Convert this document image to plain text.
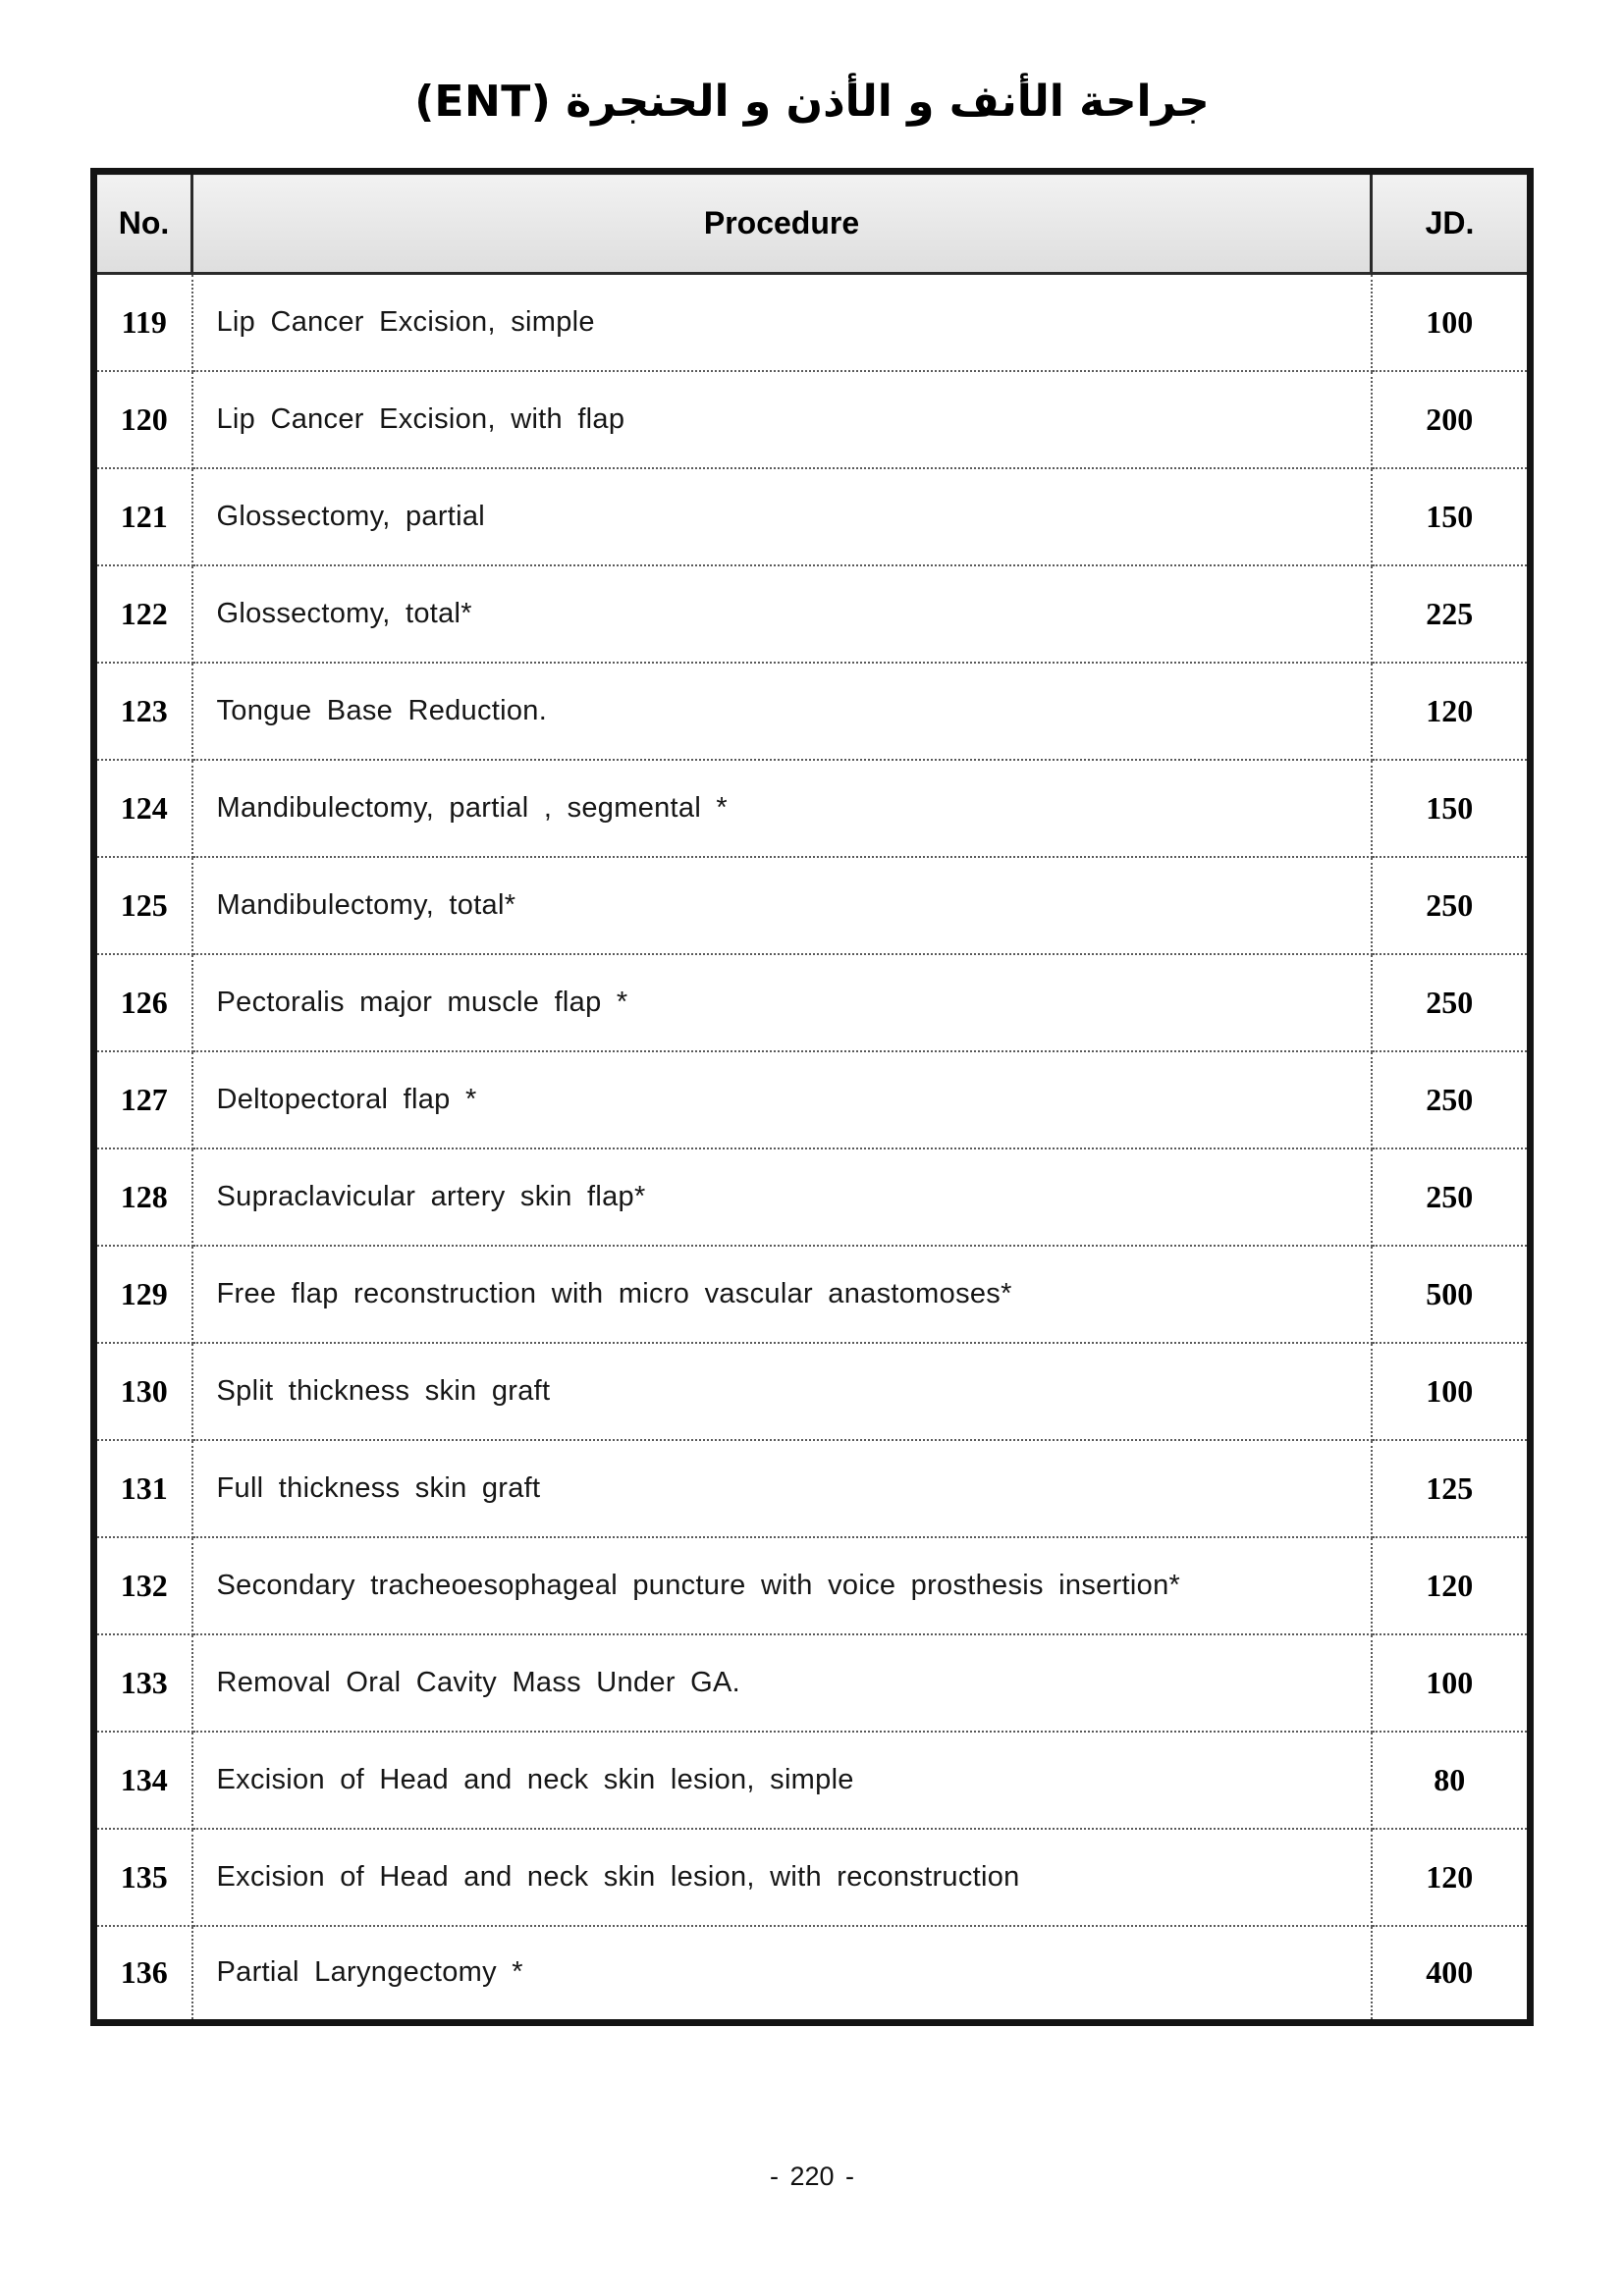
جراحة الأنف و الأذن و الحنجرة (ENT)
No.	Procedure	JD.
119	Lip Cancer Excision, simple	100
120	Lip Cancer Excision, with flap	200
121	Glossectomy, partial	150
122	Glossectomy, total*	225
123	Tongue Base Reduction.	120
124	Mandibulectomy, partial , segmental *	150
125	Mandibulectomy, total*	250
126	Pectoralis major muscle flap *	250
127	Deltopectoral flap *	250
128	Supraclavicular artery skin flap*	250
129	Free flap reconstruction with micro vascular anastomoses*	500
130	Split thickness skin graft	100
131	Full thickness skin graft	125
132	Secondary tracheoesophageal puncture with voice prosthesis insertion*	120
133	Removal Oral Cavity Mass Under GA.	100
134	Excision of Head and neck skin lesion, simple	80
135	Excision of Head and neck skin lesion, with reconstruction	120
136	Partial Laryngectomy *	400
- 220 -
